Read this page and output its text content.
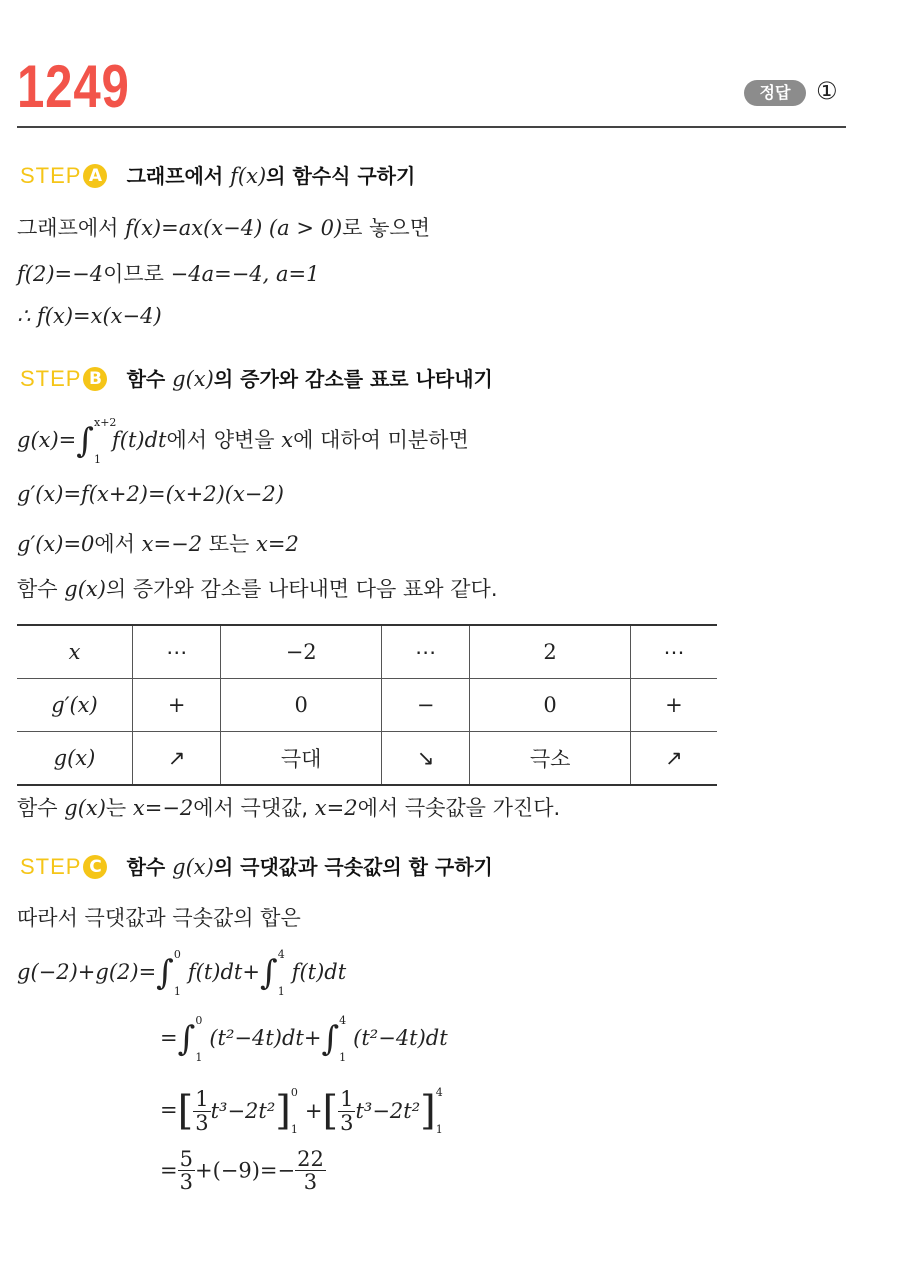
1249	정답	①
STEP A 그래프에서 f(x)의 함수식 구하기
그래프에서 f(x)=ax(x−4) (a > 0)로 놓으면
f(2)=−4이므로 −4a=−4, a=1
∴ f(x)=x(x−4)
STEP B 함수 g(x)의 증가와 감소를 표로 나타내기
g(x)=∫ x+2
1
f(t)dt에서 양변을 x에 대하여 미분하면
g′(x)=f(x+2)=(x+2)(x−2)
g′(x)=0에서 x=−2 또는 x=2
함수 g(x)의 증가와 감소를 나타내면 다음 표와 같다.
x	⋯	−2	⋯	2	⋯
g′(x)	+	0	−	0	+
g(x)	↗	극대	↘	극소	↗
함수 g(x)는 x=−2에서 극댓값, x=2에서 극솟값을 가진다.
STEP C 함수 g(x)의 극댓값과 극솟값의 합 구하기
따라서 극댓값과 극솟값의 합은
g(−2)+g(2)=∫ 0
1
f(t)dt+∫ 4
1
f(t)dt
=∫ 0
1
(t²−4t)dt+∫ 4
1
(t²−4t)dt
=[ $\frac{1}{3} t^3-2t^2$] 0
1
+[ $\frac{1}{3} t^3-2t^2$] 4
1
= $\frac{5}{3} +(-9)=- \frac{22}{3}$
